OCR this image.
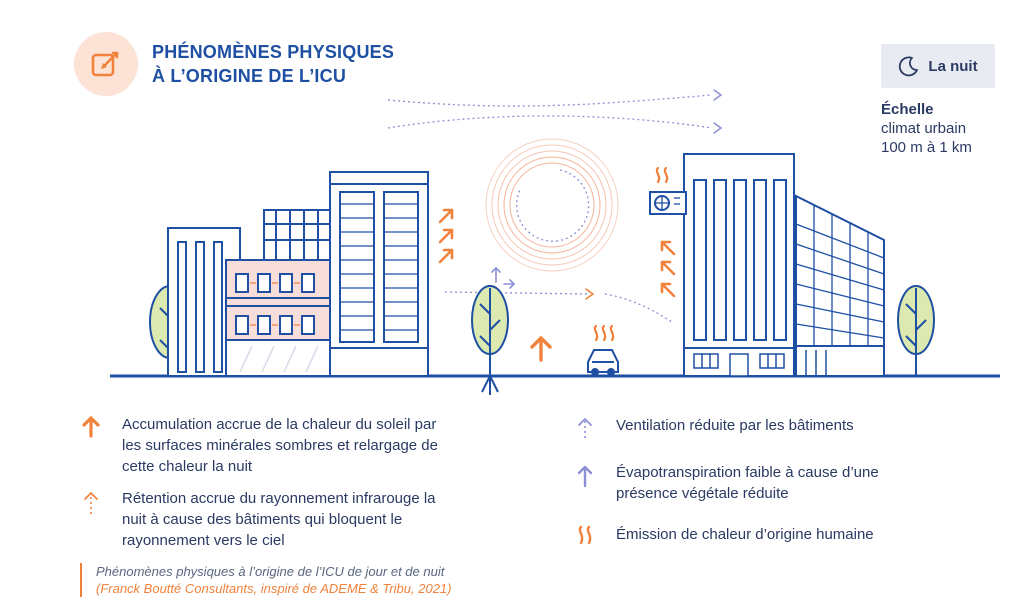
PHÉNOMÈNES PHYSIQUES
À L’ORIGINE DE L’ICU	La nuit
Échelle
climat urbain
100 m à 1 km
Accumulation accrue de la chaleur du soleil par
les surfaces minérales sombres et relargage de
cette chaleur la nuit
Rétention accrue du rayonnement infrarouge la
nuit à cause des bâtiments qui bloquent le
rayonnement vers le ciel
Ventilation réduite par les bâtiments
Évapotranspiration faible à cause d’une
présence végétale réduite
Émission de chaleur d’origine humaine
Phénomènes physiques à l’origine de l’ICU de jour et de nuit
(Franck Boutté Consultants, inspiré de ADEME & Tribu, 2021)
